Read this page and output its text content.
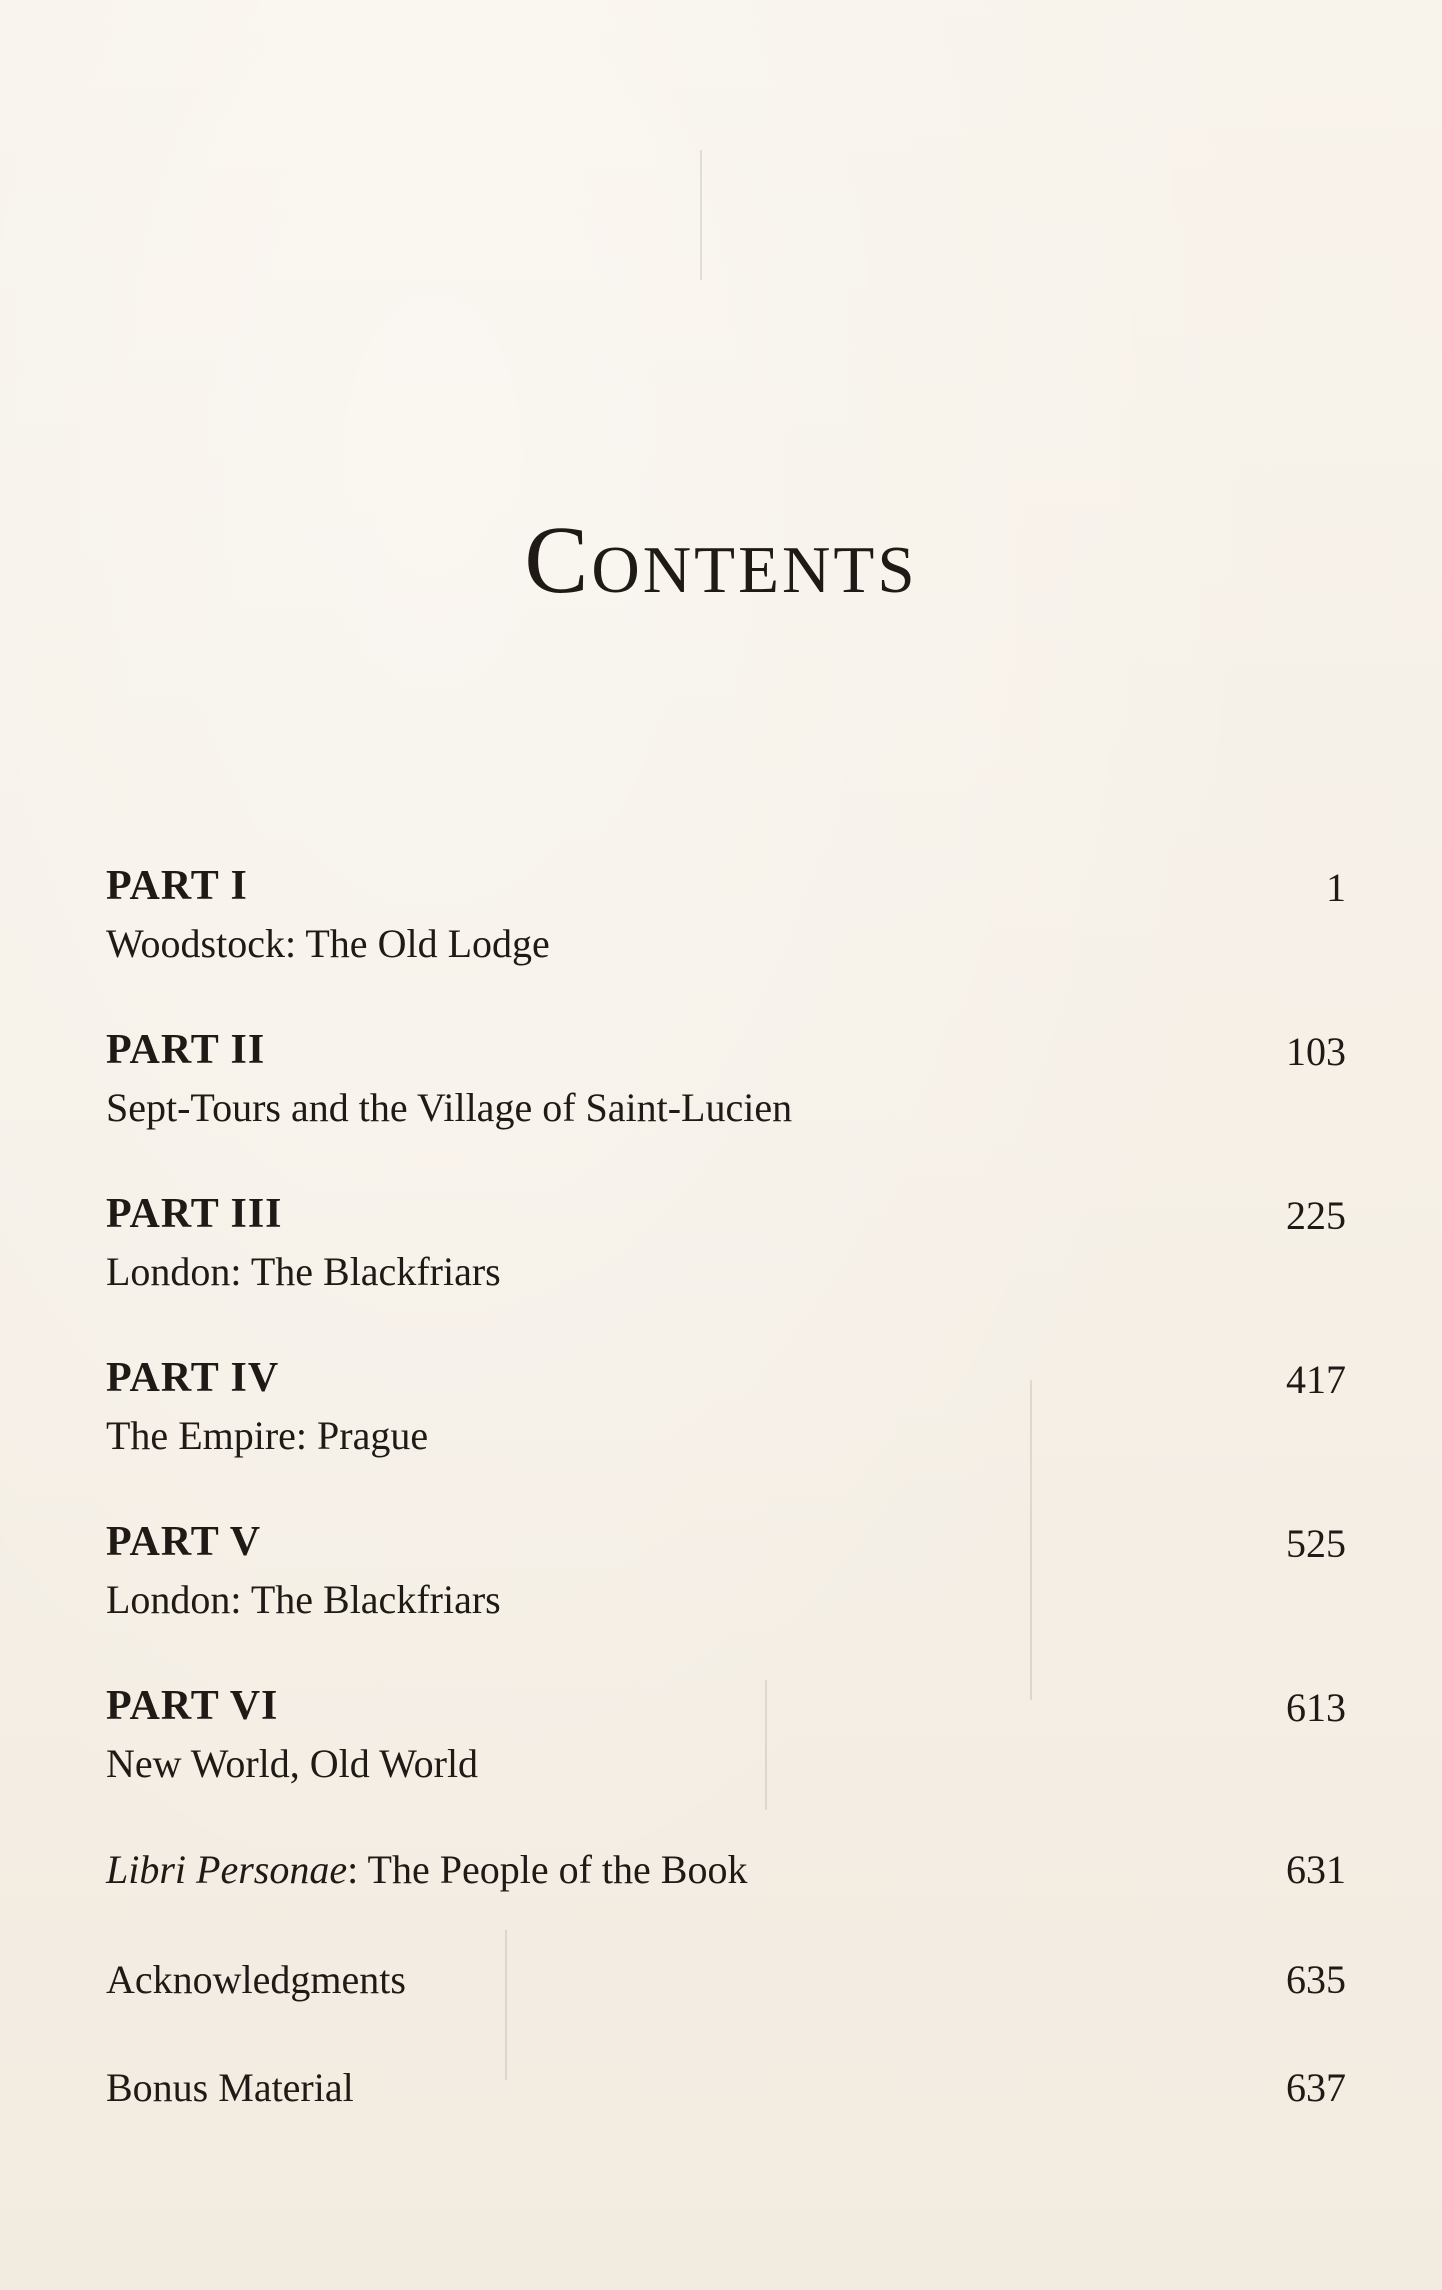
Contents
PART I	1
Woodstock: The Old Lodge
PART II	103
Sept-Tours and the Village of Saint-Lucien
PART III	225
London: The Blackfriars
PART IV	417
The Empire: Prague
PART V	525
London: The Blackfriars
PART VI	613
New World, Old World
Libri Personae: The People of the Book	631
Acknowledgments	635
Bonus Material	637
